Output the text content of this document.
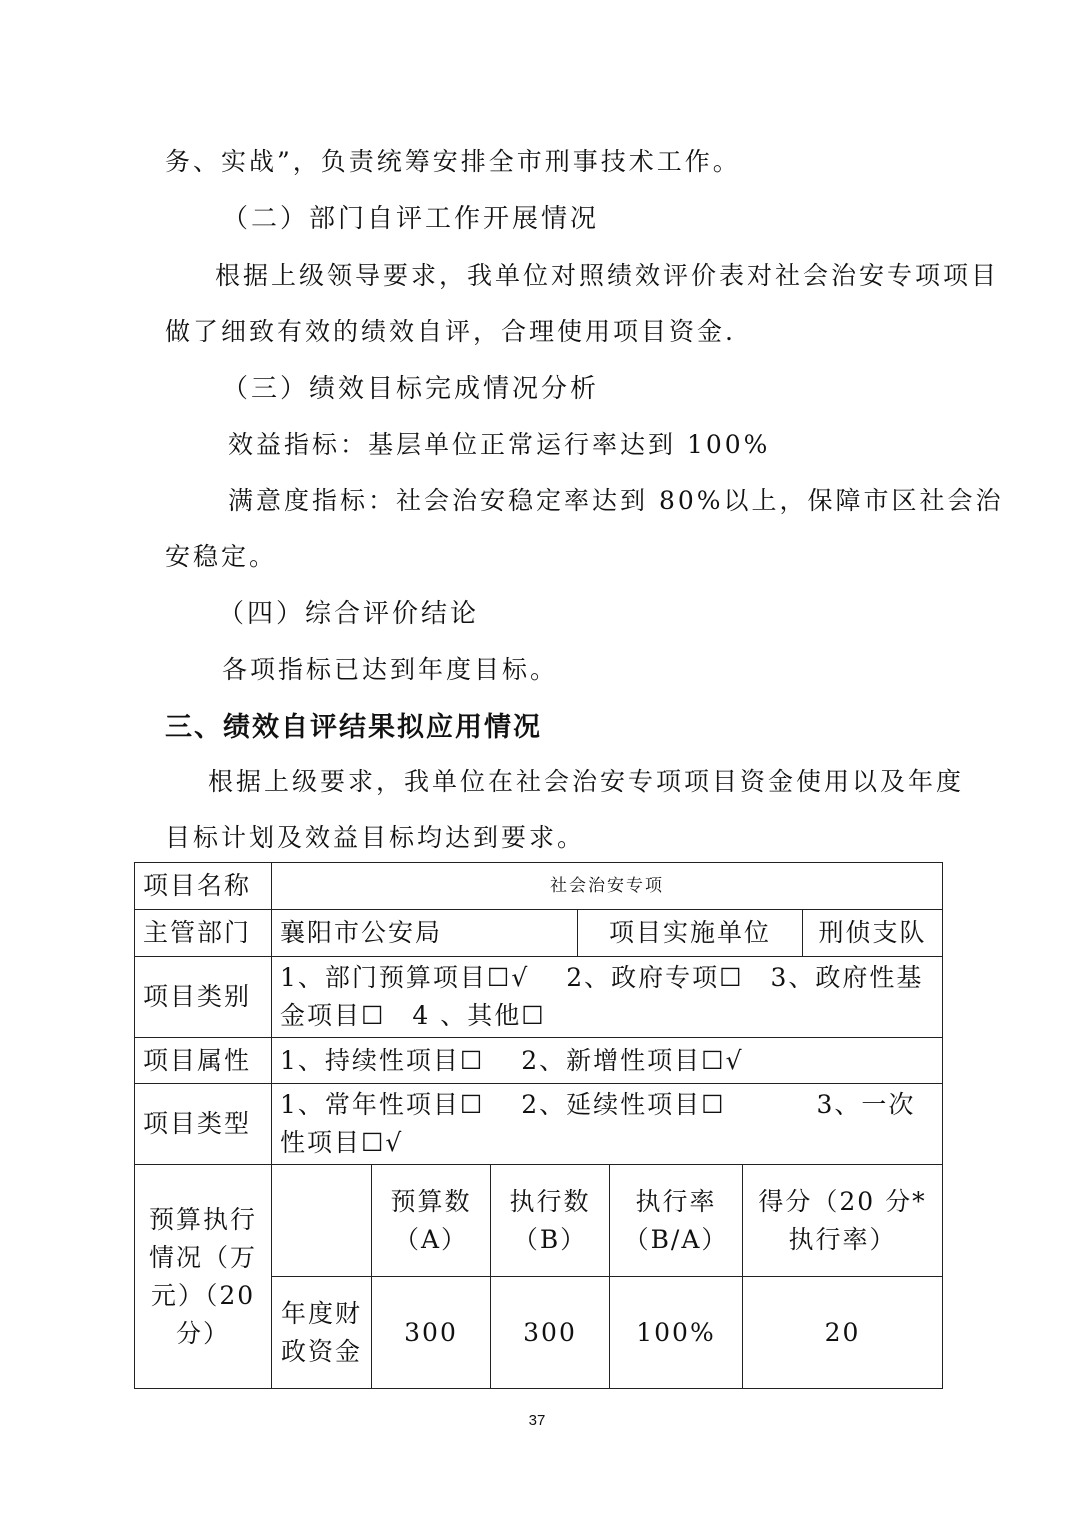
务、实战”，负责统筹安排全市刑事技术工作。
（二）部门自评工作开展情况
根据上级领导要求，我单位对照绩效评价表对社会治安专项项目
做了细致有效的绩效自评，合理使用项目资金.
（三）绩效目标完成情况分析
效益指标：基层单位正常运行率达到 100%
满意度指标：社会治安稳定率达到 80%以上，保障市区社会治
安稳定。
（四）综合评价结论
各项指标已达到年度目标。
三、绩效自评结果拟应用情况
根据上级要求，我单位在社会治安专项项目资金使用以及年度
目标计划及效益目标均达到要求。
项目名称	社会治安专项						
主管部门	襄阳市公安局			项目实施单位			刑侦支队
项目类别	1、部门预算项目☐√　 2、政府专项☐　3、政府性基金项目☐　4 、其他☐						
项目属性	1、持续性项目☐　 2、新增性项目☐√						
项目类型	1、常年性项目☐　 2、延续性项目☐　　　 3、一次性项目☐√						
预算执行情况（万元）（20 分）		预算数（A）	执行数（B）		执行率（B/A）	得分（20 分*执行率）	
	年度财政资金	300	300		100%	20	
37
